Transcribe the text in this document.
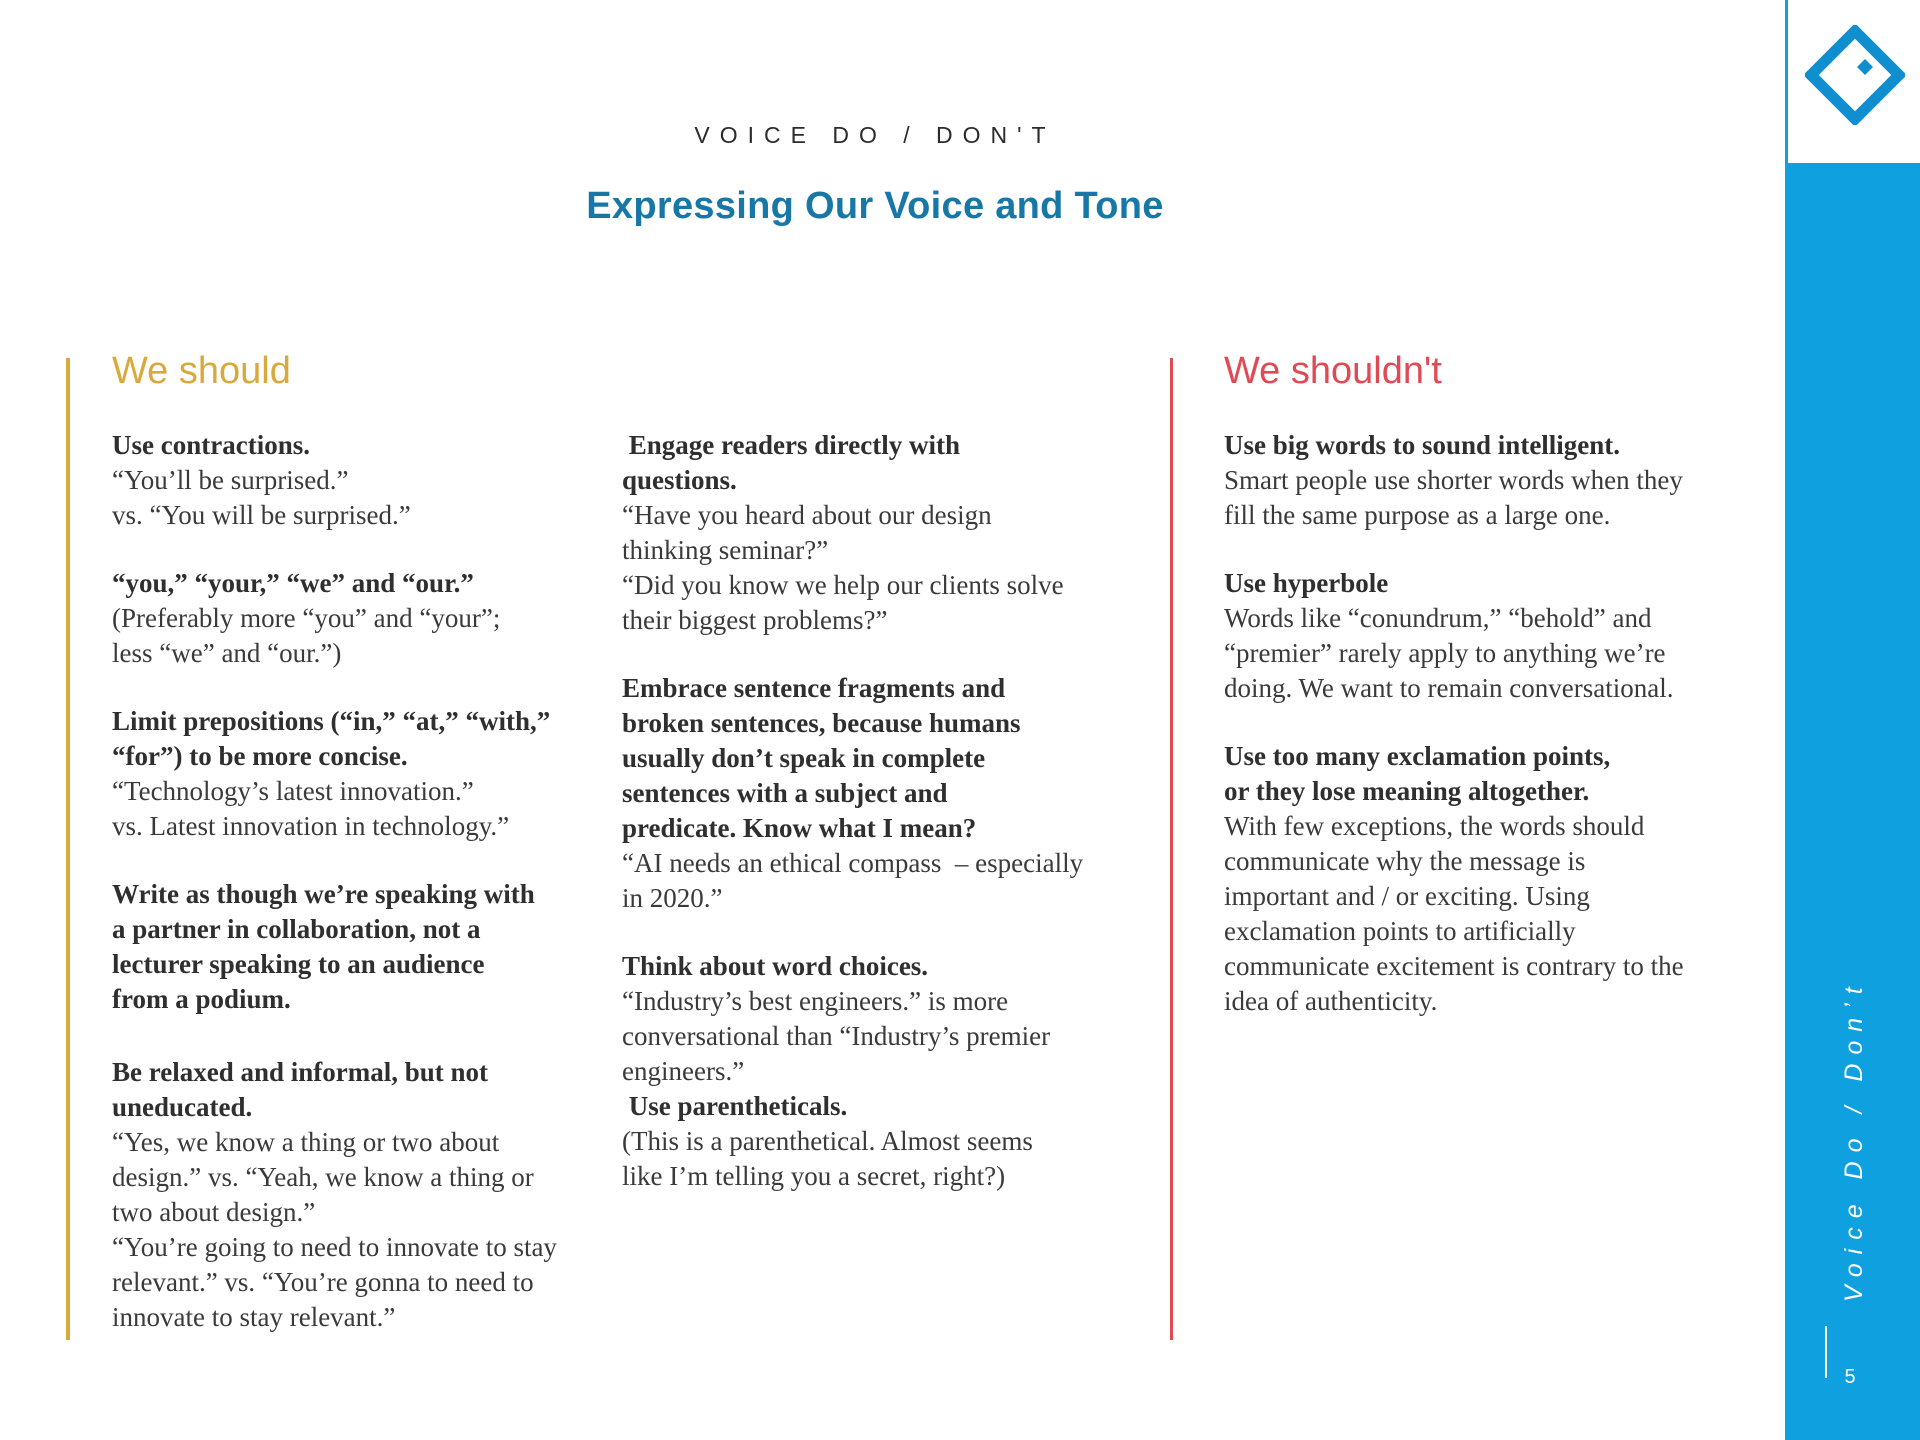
VOICE DO / DON'T
Expressing Our Voice and Tone
We should	We shouldn't
Use contractions.
“You’ll be surprised.”
vs. “You will be surprised.”
“you,” “your,” “we” and “our.”
(Preferably more “you” and “your”;
less “we” and “our.”)
Limit prepositions (“in,” “at,” “with,”
“for”) to be more concise.
“Technology’s latest innovation.”
vs. Latest innovation in technology.”
Write as though we’re speaking with
a partner in collaboration, not a
lecturer speaking to an audience
from a podium.
Be relaxed and informal, but not
uneducated.
“Yes, we know a thing or two about
design.” vs. “Yeah, we know a thing or
two about design.”
“You’re going to need to innovate to stay
relevant.” vs. “You’re gonna to need to
innovate to stay relevant.”
Engage readers directly with
questions.
“Have you heard about our design
thinking seminar?”
“Did you know we help our clients solve
their biggest problems?”
Embrace sentence fragments and
broken sentences, because humans
usually don’t speak in complete
sentences with a subject and
predicate. Know what I mean?
“AI needs an ethical compass  – especially
in 2020.”
Think about word choices.
“Industry’s best engineers.” is more
conversational than “Industry’s premier
engineers.”
Use parentheticals.
(This is a parenthetical. Almost seems
like I’m telling you a secret, right?)
Use big words to sound intelligent.
Smart people use shorter words when they
fill the same purpose as a large one.
Use hyperbole
Words like “conundrum,” “behold” and
“premier” rarely apply to anything we’re
doing. We want to remain conversational.
Use too many exclamation points,
or they lose meaning altogether.
With few exceptions, the words should
communicate why the message is
important and / or exciting. Using
exclamation points to artificially
communicate excitement is contrary to the
idea of authenticity.	Voice Do / Don’t
5
